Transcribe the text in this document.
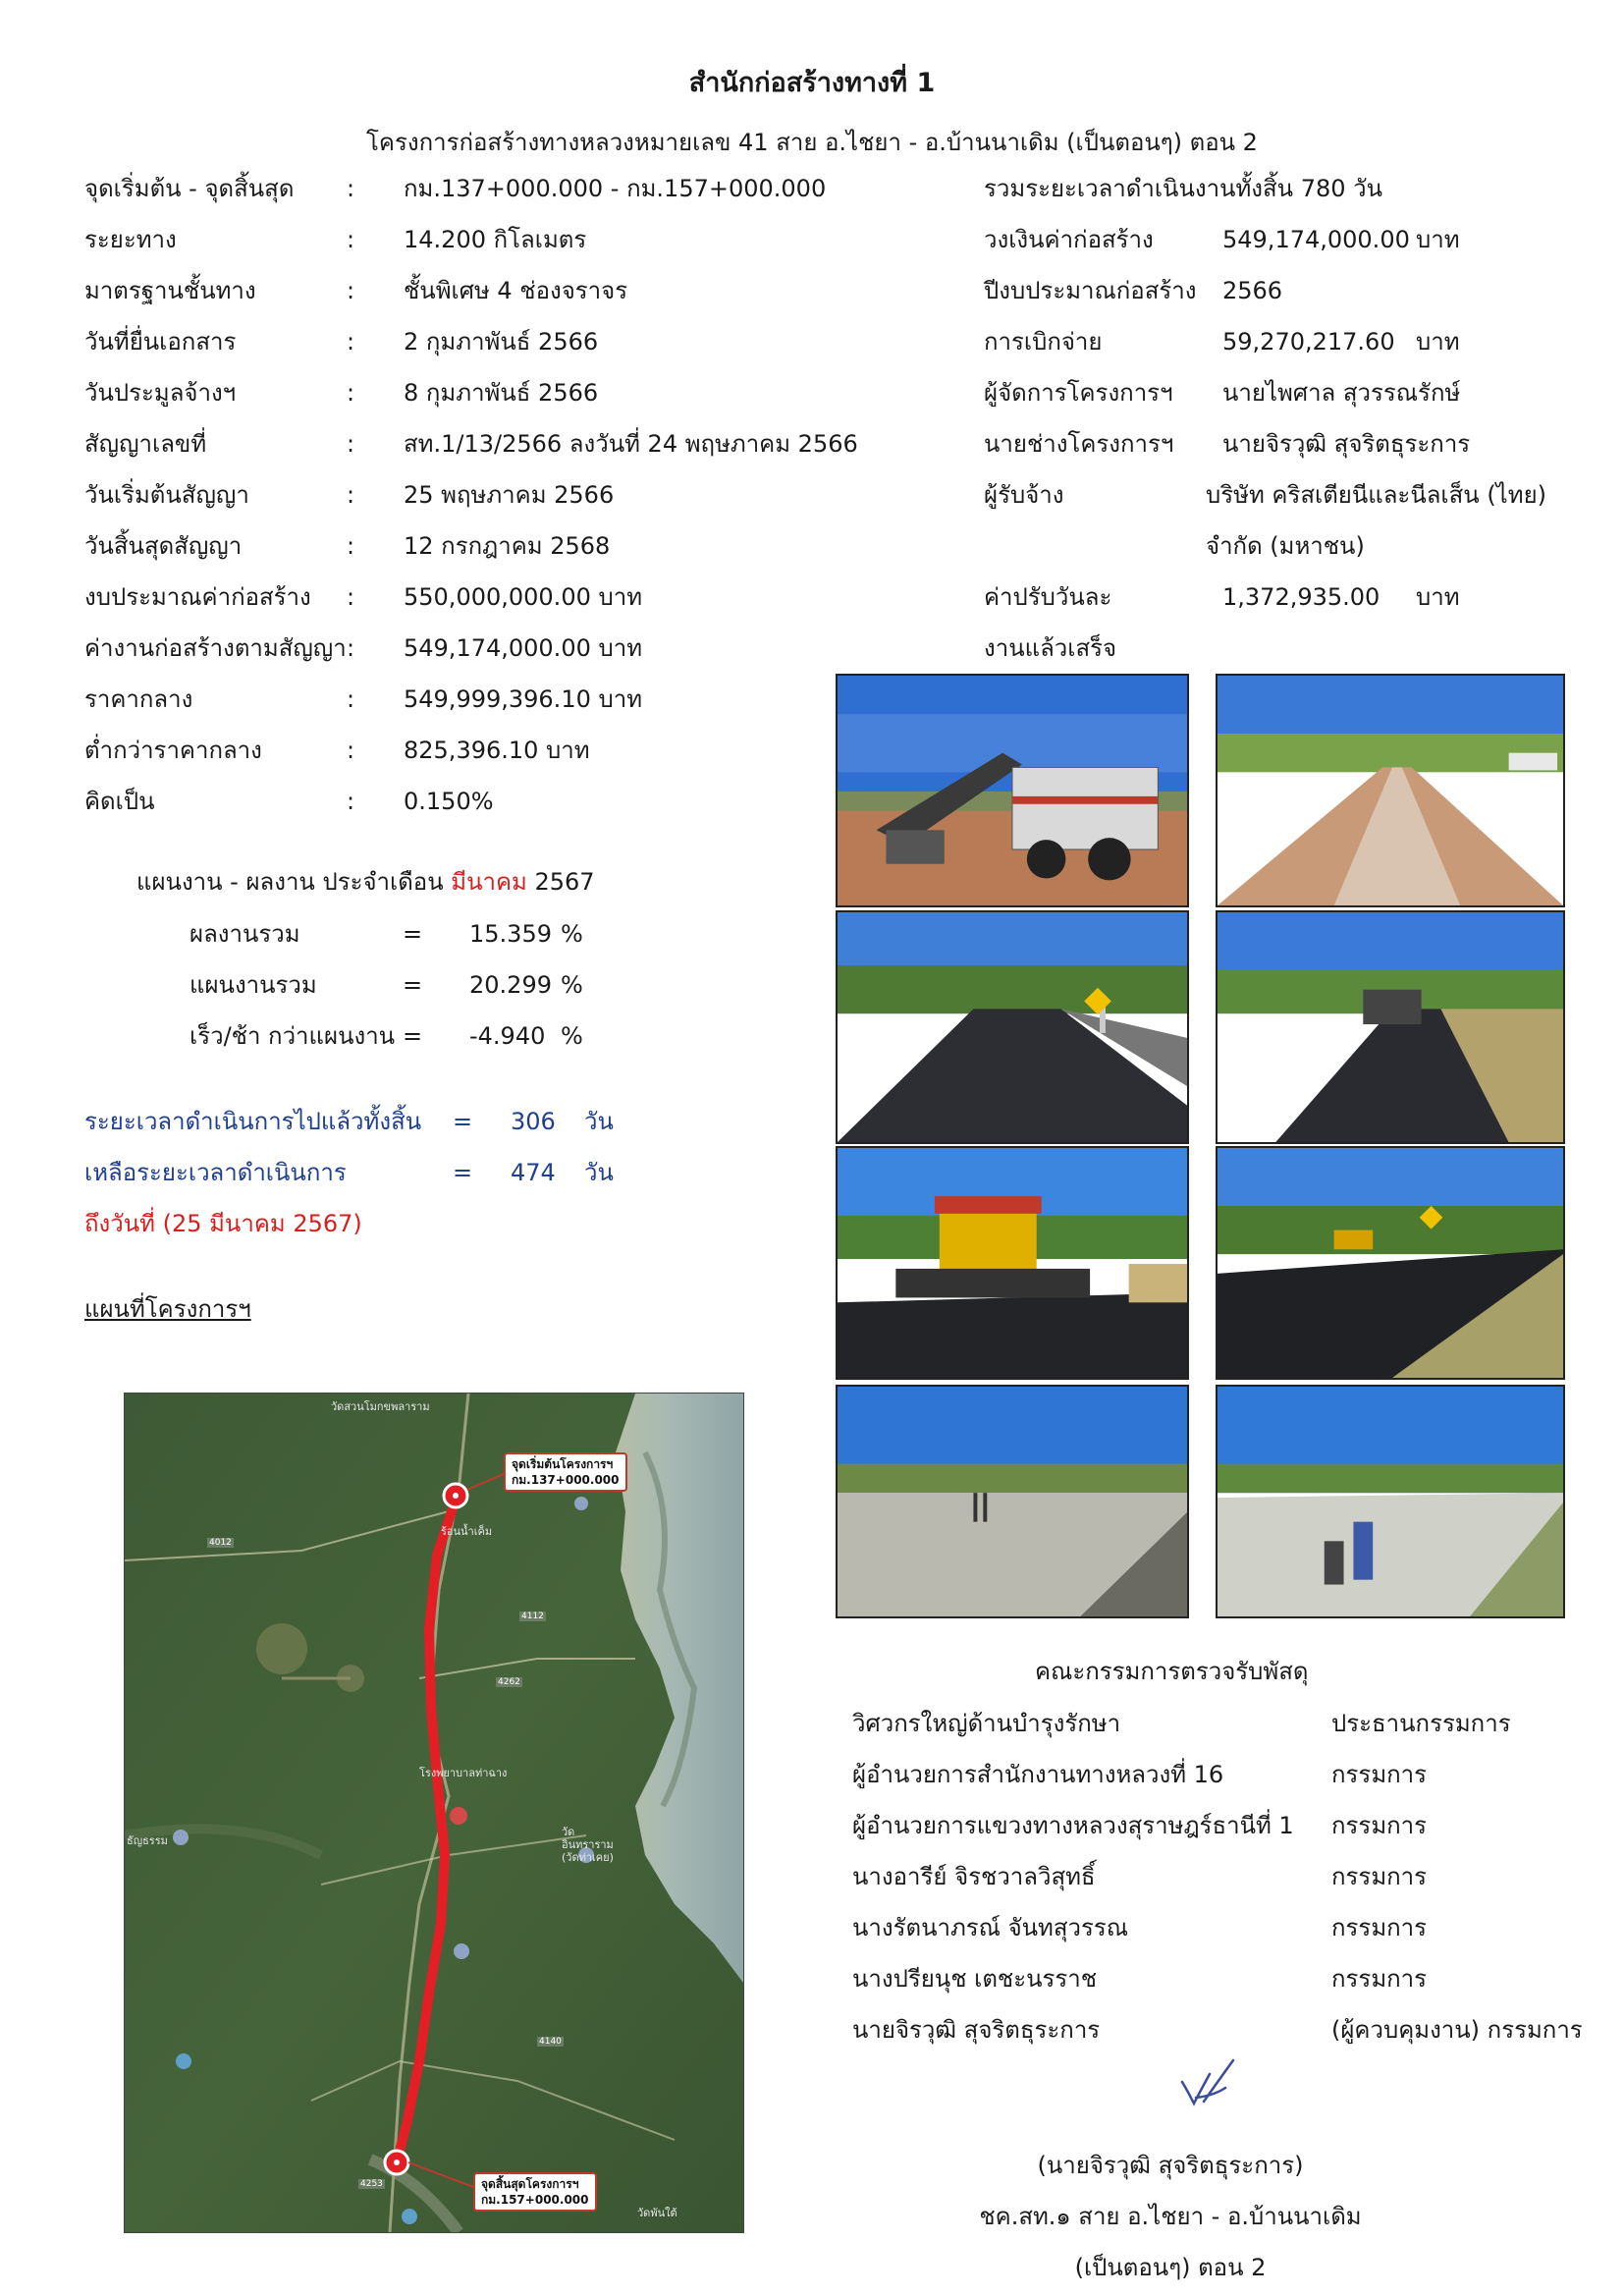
สำนักก่อสร้างทางที่ 1
โครงการก่อสร้างทางหลวงหมายเลข 41 สาย อ.ไชยา - อ.บ้านนาเดิม (เป็นตอนๆ) ตอน 2
จุดเริ่มต้น - จุดสิ้นสุด : กม.137+000.000 - กม.157+000.000
ระยะทาง	: 14.200 กิโลเมตร
มาตรฐานชั้นทาง	: ชั้นพิเศษ 4 ช่องจราจร
วันที่ยื่นเอกสาร	: 2 กุมภาพันธ์ 2566
วันประมูลจ้างฯ	: 8 กุมภาพันธ์ 2566
สัญญาเลขที่	: สท.1/13/2566 ลงวันที่ 24 พฤษภาคม 2566
วันเริ่มต้นสัญญา	: 25 พฤษภาคม 2566
วันสิ้นสุดสัญญา	: 12 กรกฎาคม 2568
งบประมาณค่าก่อสร้าง : 550,000,000.00 บาท
ค่างานก่อสร้างตามสัญญา : 549,174,000.00 บาท
ราคากลาง	: 549,999,396.10 บาท
ต่ำกว่าราคากลาง	: 825,396.10 บาท
คิดเป็น	: 0.150%
รวมระยะเวลาดำเนินงานทั้งสิ้น 780 วัน
วงเงินค่าก่อสร้าง	549,174,000.00 บาท
ปีงบประมาณก่อสร้าง 2566
การเบิกจ่าย	59,270,217.60 บาท
ผู้จัดการโครงการฯ นายไพศาล สุวรรณรักษ์
นายช่างโครงการฯ นายจิรวุฒิ สุจริตธุระการ
ผู้รับจ้าง	บริษัท คริสเตียนีและนีลเส็น (ไทย)
จำกัด (มหาชน)
ค่าปรับวันละ	1,372,935.00 บาท
งานแล้วเสร็จ
แผนงาน - ผลงาน ประจำเดือน มีนาคม 2567
ผลงานรวม	= 15.359 %
แผนงานรวม	= 20.299 %
เร็ว/ช้า กว่าแผนงาน = -4.940 %
ระยะเวลาดำเนินการไปแล้วทั้งสิ้น = 306 วัน
เหลือระยะเวลาดำเนินการ	= 474 วัน
ถึงวันที่ (25 มีนาคม 2567)
แผนที่โครงการฯ
วัดสวนโมกขพลาราม
ร้อนน้ำเค็ม
โรงพยาบาลท่าฉาง
วัดอินทราราม (วัดท่าเคย)
ธัญธรรม
วัดพันใต้
4012
4112
4262
4140
4253
จุดเริ่มต้นโครงการฯ
กม.137+000.000
จุดสิ้นสุดโครงการฯ
กม.157+000.000
คณะกรรมการตรวจรับพัสดุ
วิศวกรใหญ่ด้านบำรุงรักษา	ประธานกรรมการ
ผู้อำนวยการสำนักงานทางหลวงที่ 16	กรรมการ
ผู้อำนวยการแขวงทางหลวงสุราษฎร์ธานีที่ 1 กรรมการ
นางอารีย์ จิรชวาลวิสุทธิ์	กรรมการ
นางรัตนาภรณ์ จันทสุวรรณ	กรรมการ
นางปรียนุช เตชะนรราช	กรรมการ
นายจิรวุฒิ สุจริตธุระการ	(ผู้ควบคุมงาน) กรรมการ
(นายจิรวุฒิ สุจริตธุระการ)
ชค.สท.๑ สาย อ.ไชยา - อ.บ้านนาเดิม
(เป็นตอนๆ) ตอน 2
